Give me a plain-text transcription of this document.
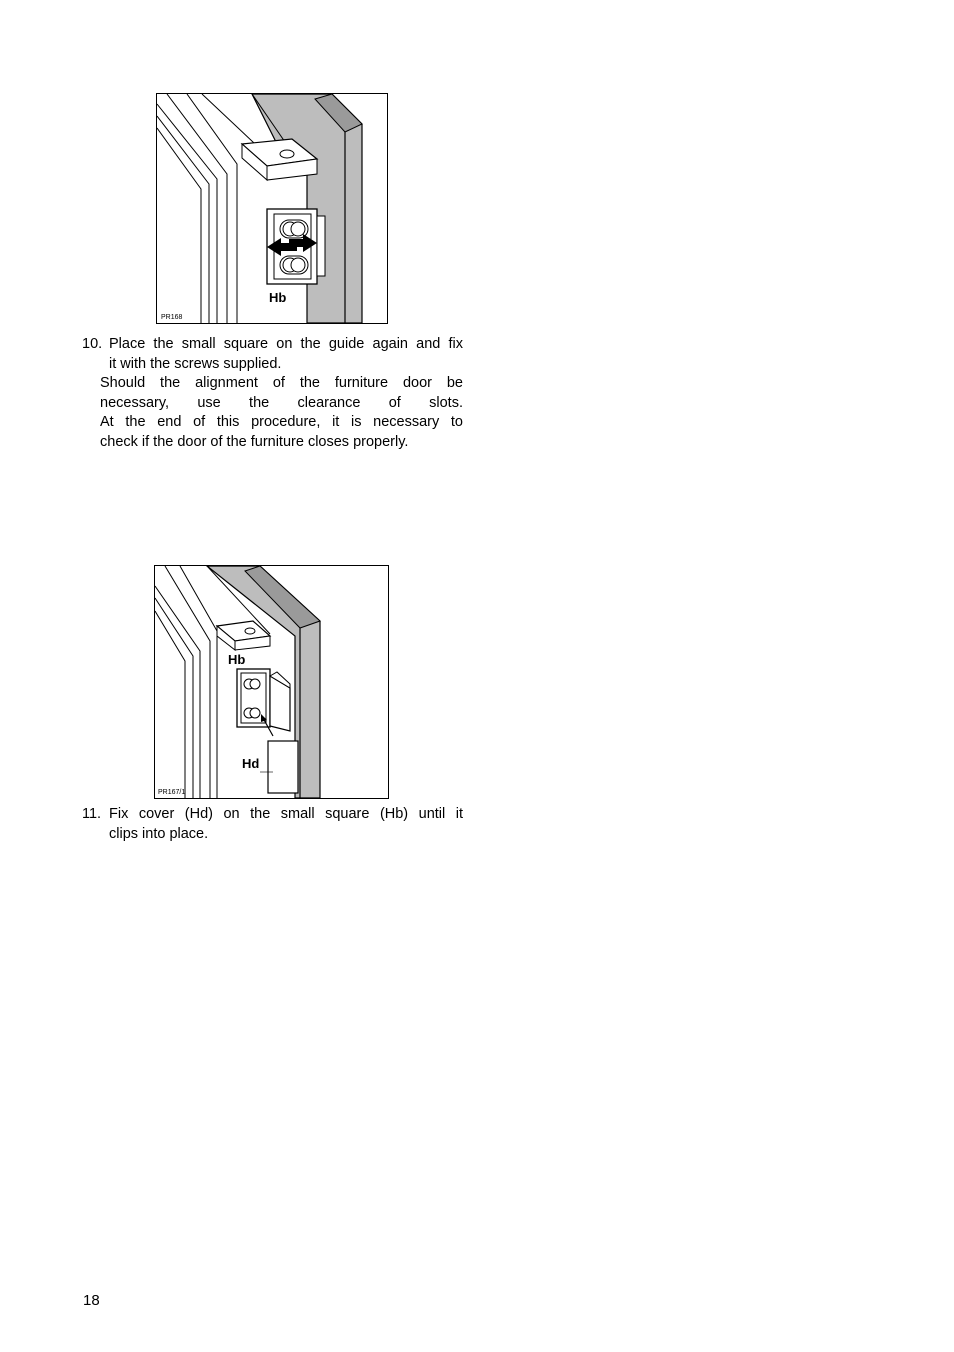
Hb
PR168
10. Place the small square on the guide again and fix
it with the screws supplied.
Should the alignment of the furniture door be
necessary, use the clearance of slots.
At the end of this procedure, it is necessary to
check if the door of the furniture closes properly.
Hb
Hd
PR167/1
11. Fix cover (Hd) on the small square (Hb) until it
clips into place.
18
